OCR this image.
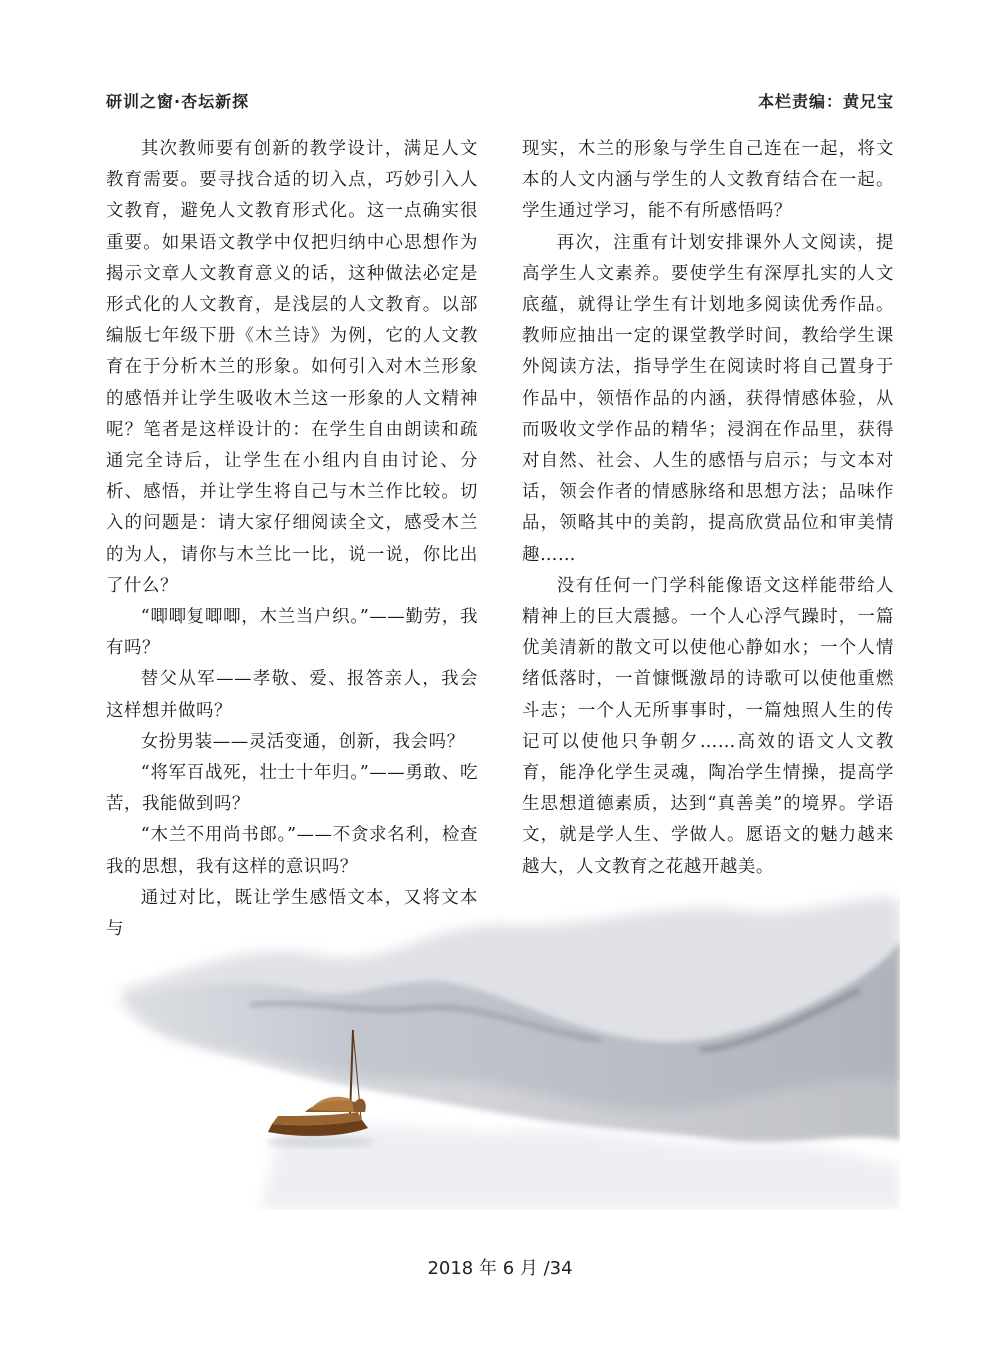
研训之窗·杏坛新探	本栏责编：黄兄宝

其次教师要有创新的教学设计，满足人文教育需要。要寻找合适的切入点，巧妙引入人文教育，避免人文教育形式化。这一点确实很重要。如果语文教学中仅把归纳中心思想作为揭示文章人文教育意义的话，这种做法必定是形式化的人文教育，是浅层的人文教育。以部编版七年级下册《木兰诗》为例，它的人文教育在于分析木兰的形象。如何引入对木兰形象的感悟并让学生吸收木兰这一形象的人文精神呢？笔者是这样设计的：在学生自由朗读和疏通完全诗后，让学生在小组内自由讨论、分析、感悟，并让学生将自己与木兰作比较。切入的问题是：请大家仔细阅读全文，感受木兰的为人，请你与木兰比一比，说一说，你比出了什么？

“唧唧复唧唧，木兰当户织。”——勤劳，我有吗？

替父从军——孝敬、爱、报答亲人，我会这样想并做吗？

女扮男装——灵活变通，创新，我会吗？

“将军百战死，壮士十年归。”——勇敢、吃苦，我能做到吗？

“木兰不用尚书郎。”——不贪求名利，检查我的思想，我有这样的意识吗？

通过对比，既让学生感悟文本，又将文本与

现实，木兰的形象与学生自己连在一起，将文本的人文内涵与学生的人文教育结合在一起。学生通过学习，能不有所感悟吗？

再次，注重有计划安排课外人文阅读，提高学生人文素养。要使学生有深厚扎实的人文底蕴，就得让学生有计划地多阅读优秀作品。教师应抽出一定的课堂教学时间，教给学生课外阅读方法，指导学生在阅读时将自己置身于作品中，领悟作品的内涵，获得情感体验，从而吸收文学作品的精华；浸润在作品里，获得对自然、社会、人生的感悟与启示；与文本对话，领会作者的情感脉络和思想方法；品味作品，领略其中的美韵，提高欣赏品位和审美情趣……

没有任何一门学科能像语文这样能带给人精神上的巨大震撼。一个人心浮气躁时，一篇优美清新的散文可以使他心静如水；一个人情绪低落时，一首慷慨激昂的诗歌可以使他重燃斗志；一个人无所事事时，一篇烛照人生的传记可以使他只争朝夕……高效的语文人文教育，能净化学生灵魂，陶冶学生情操，提高学生思想道德素质，达到“真善美”的境界。学语文，就是学人生、学做人。愿语文的魅力越来越大，人文教育之花越开越美。

2018 年 6 月 /34
